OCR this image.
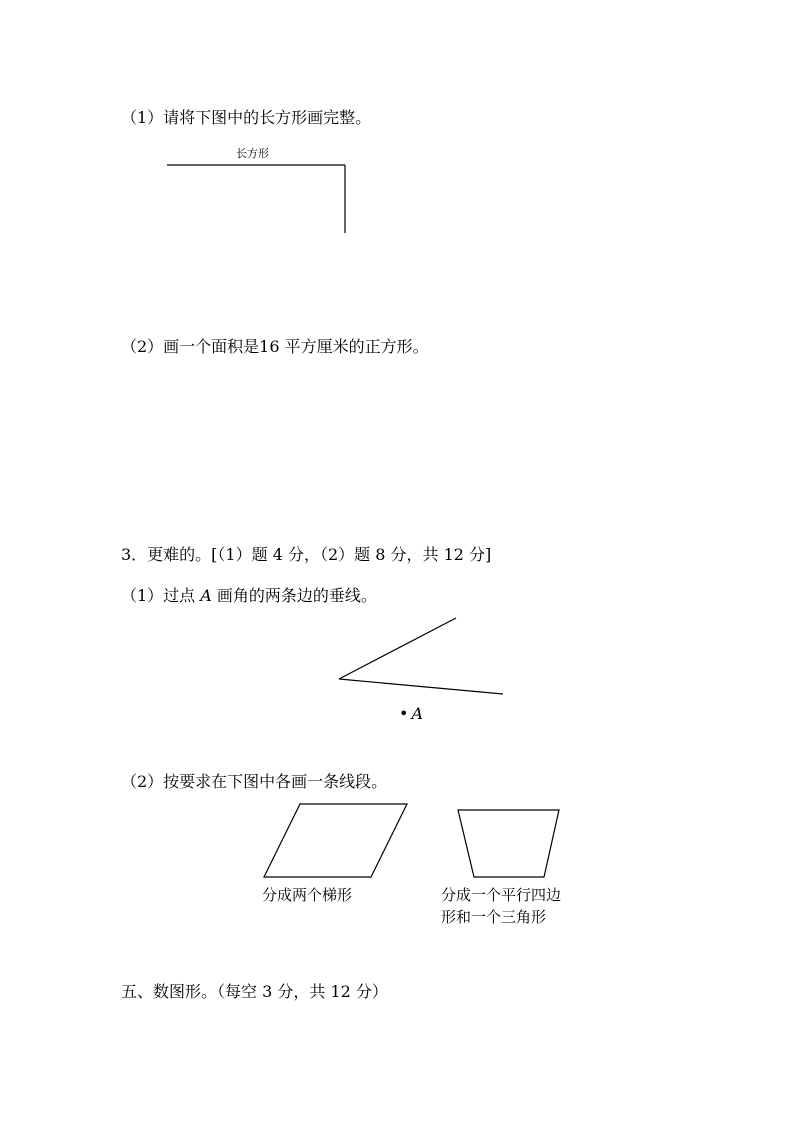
（1）请将下图中的长方形画完整。
长方形
（2）画一个面积是16 平方厘米的正方形。
3．更难的。[（1）题 4 分，（2）题 8 分，共 12 分]
（1）过点 A 画角的两条边的垂线。
• A
（2）按要求在下图中各画一条线段。
分成两个梯形	分成一个平行四边
形和一个三角形
五、数图形。（每空 3 分，共 12 分）
